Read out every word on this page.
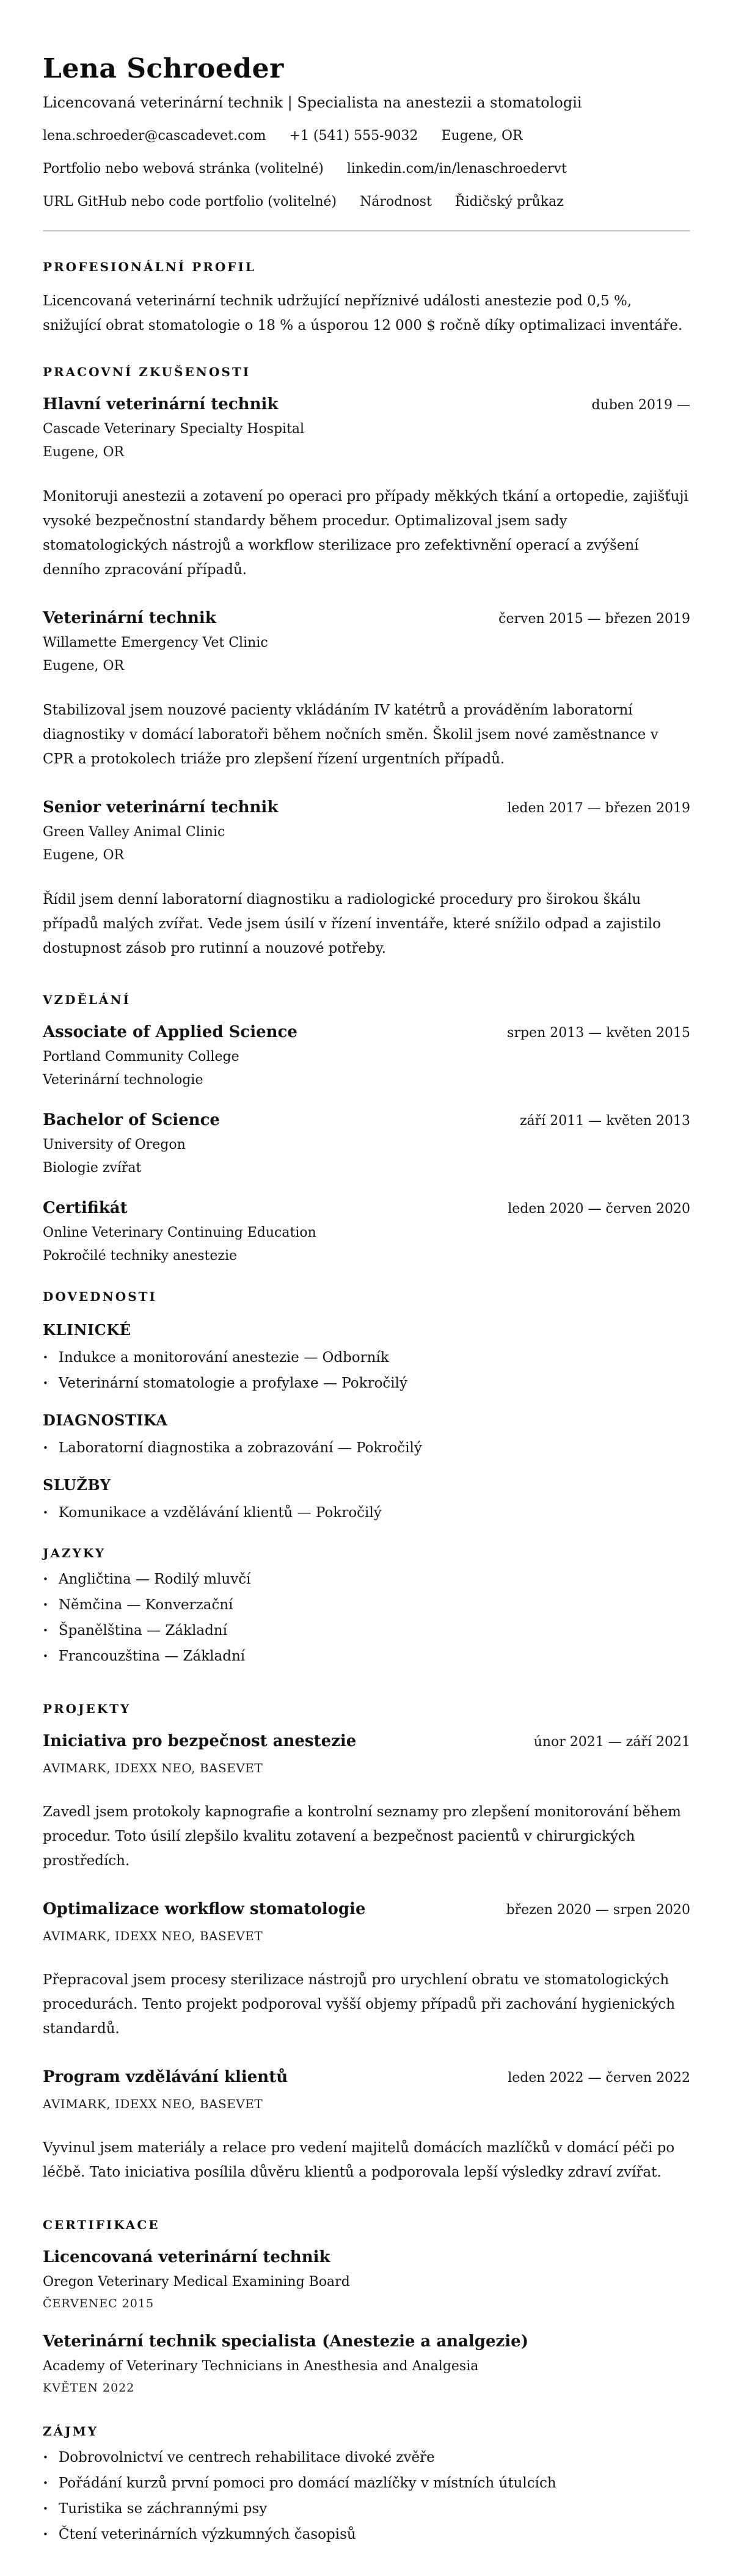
Lena Schroeder
Licencovaná veterinární technik | Specialista na anestezii a stomatologii
lena.schroeder@cascadevet.com +1 (541) 555-9032 Eugene, OR
Portfolio nebo webová stránka (volitelné) linkedin.com/in/lenaschroedervt
URL GitHub nebo code portfolio (volitelné) Národnost Řidičský průkaz
PROFESIONÁLNÍ PROFIL

Licencovaná veterinární technik udržující nepříznivé události anestezie pod 0,5 %, snižující obrat stomatologie o 18 % a úsporou 12 000 $ ročně díky optimalizaci inventáře.

PRACOVNÍ ZKUŠENOSTI
Hlavní veterinární technik	duben 2019 —
Cascade Veterinary Specialty Hospital
Eugene, OR

Monitoruji anestezii a zotavení po operaci pro případy měkkých tkání a ortopedie, zajišťuji vysoké bezpečnostní standardy během procedur. Optimalizoval jsem sady stomatologických nástrojů a workflow sterilizace pro zefektivnění operací a zvýšení denního zpracování případů.

Veterinární technik	červen 2015 — březen 2019
Willamette Emergency Vet Clinic
Eugene, OR

Stabilizoval jsem nouzové pacienty vkládáním IV katétrů a prováděním laboratorní diagnostiky v domácí laboratoři během nočních směn. Školil jsem nové zaměstnance v CPR a protokolech triáže pro zlepšení řízení urgentních případů.

Senior veterinární technik	leden 2017 — březen 2019
Green Valley Animal Clinic
Eugene, OR

Řídil jsem denní laboratorní diagnostiku a radiologické procedury pro širokou škálu případů malých zvířat. Vede jsem úsilí v řízení inventáře, které snížilo odpad a zajistilo dostupnost zásob pro rutinní a nouzové potřeby.

VZDĚLÁNÍ
Associate of Applied Science	srpen 2013 — květen 2015
Portland Community College
Veterinární technologie
Bachelor of Science	září 2011 — květen 2013
University of Oregon
Biologie zvířat
Certifikát	leden 2020 — červen 2020
Online Veterinary Continuing Education
Pokročilé techniky anestezie
DOVEDNOSTI
KLINICKÉ
• Indukce a monitorování anestezie — Odborník
• Veterinární stomatologie a profylaxe — Pokročilý
DIAGNOSTIKA
• Laboratorní diagnostika a zobrazování — Pokročilý
SLUŽBY
• Komunikace a vzdělávání klientů — Pokročilý
JAZYKY
• Angličtina — Rodilý mluvčí
• Němčina — Konverzační
• Španělština — Základní
• Francouzština — Základní
PROJEKTY
Iniciativa pro bezpečnost anestezie	únor 2021 — září 2021
AVIMARK, IDEXX NEO, BASEVET

Zavedl jsem protokoly kapnografie a kontrolní seznamy pro zlepšení monitorování během procedur. Toto úsilí zlepšilo kvalitu zotavení a bezpečnost pacientů v chirurgických prostředích.

Optimalizace workflow stomatologie	březen 2020 — srpen 2020
AVIMARK, IDEXX NEO, BASEVET

Přepracoval jsem procesy sterilizace nástrojů pro urychlení obratu ve stomatologických procedurách. Tento projekt podporoval vyšší objemy případů při zachování hygienických standardů.

Program vzdělávání klientů	leden 2022 — červen 2022
AVIMARK, IDEXX NEO, BASEVET

Vyvinul jsem materiály a relace pro vedení majitelů domácích mazlíčků v domácí péči po léčbě. Tato iniciativa posílila důvěru klientů a podporovala lepší výsledky zdraví zvířat.

CERTIFIKACE
Licencovaná veterinární technik
Oregon Veterinary Medical Examining Board
ČERVENEC 2015
Veterinární technik specialista (Anestezie a analgezie)
Academy of Veterinary Technicians in Anesthesia and Analgesia
KVĚTEN 2022
ZÁJMY
• Dobrovolnictví ve centrech rehabilitace divoké zvěře
• Pořádání kurzů první pomoci pro domácí mazlíčky v místních útulcích
• Turistika se záchrannými psy
• Čtení veterinárních výzkumných časopisů
